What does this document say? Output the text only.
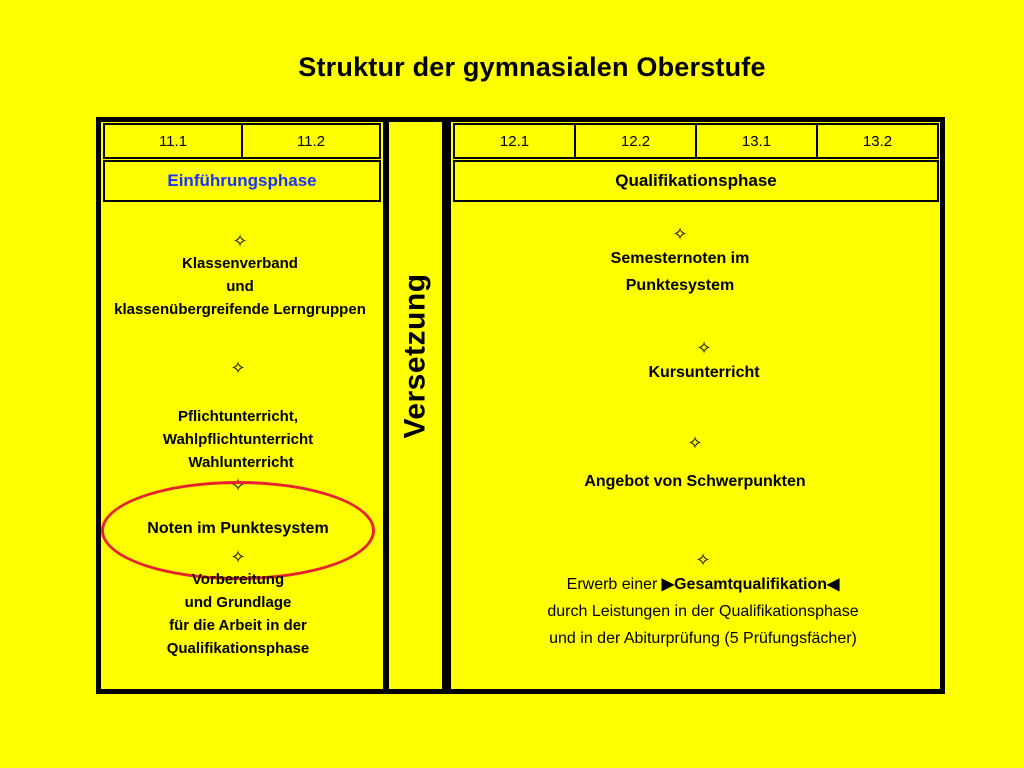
Struktur der gymnasialen Oberstufe
11.1	11.2
Einführungsphase
✧
Klassenverband
und
klassenübergreifende Lerngruppen
✧
Pflichtunterricht,
Wahlpflichtunterricht
Wahlunterricht
✧
Noten im Punktesystem
✧
Vorbereitung
und Grundlage
für die Arbeit in der
Qualifikationsphase
Versetzung
12.1	12.2	13.1	13.2
Qualifikationsphase
✧
Semesternoten im
Punktesystem
✧
Kursunterricht
✧
Angebot von Schwerpunkten
✧
Erwerb einer ▶Gesamtqualifikation◀
durch Leistungen in der Qualifikationsphase
und in der Abiturprüfung (5 Prüfungsfächer)
